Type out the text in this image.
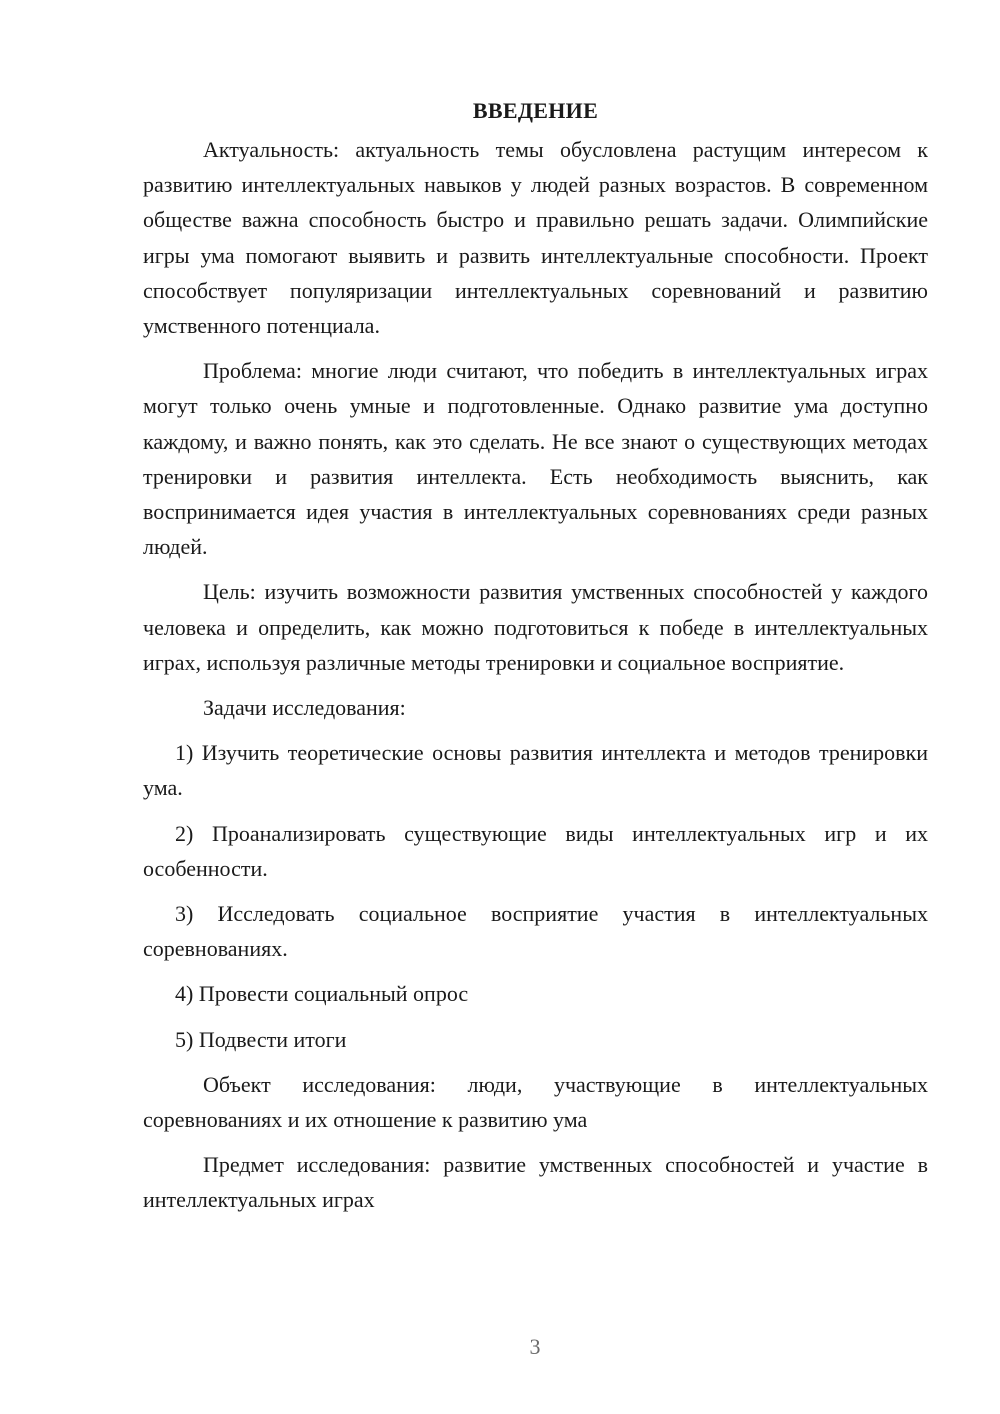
ВВЕДЕНИЕ

Актуальность: актуальность темы обусловлена растущим интересом к развитию интеллектуальных навыков у людей разных возрастов. В современном обществе важна способность быстро и правильно решать задачи. Олимпийские игры ума помогают выявить и развить интеллектуальные способности. Проект способствует популяризации интеллектуальных соревнований и развитию умственного потенциала.

Проблема: многие люди считают, что победить в интеллектуальных играх могут только очень умные и подготовленные. Однако развитие ума доступно каждому, и важно понять, как это сделать. Не все знают о существующих методах тренировки и развития интеллекта. Есть необходимость выяснить, как воспринимается идея участия в интеллектуальных соревнованиях среди разных людей.

Цель: изучить возможности развития умственных способностей у каждого человека и определить, как можно подготовиться к победе в интеллектуальных играх, используя различные методы тренировки и социальное восприятие.

Задачи исследования:

1) Изучить теоретические основы развития интеллекта и методов тренировки ума.

2) Проанализировать существующие виды интеллектуальных игр и их особенности.

3) Исследовать социальное восприятие участия в интеллектуальных соревнованиях.

4) Провести социальный опрос

5) Подвести итоги

Объект исследования: люди, участвующие в интеллектуальных соревнованиях и их отношение к развитию ума

Предмет исследования: развитие умственных способностей и участие в интеллектуальных играх

3
